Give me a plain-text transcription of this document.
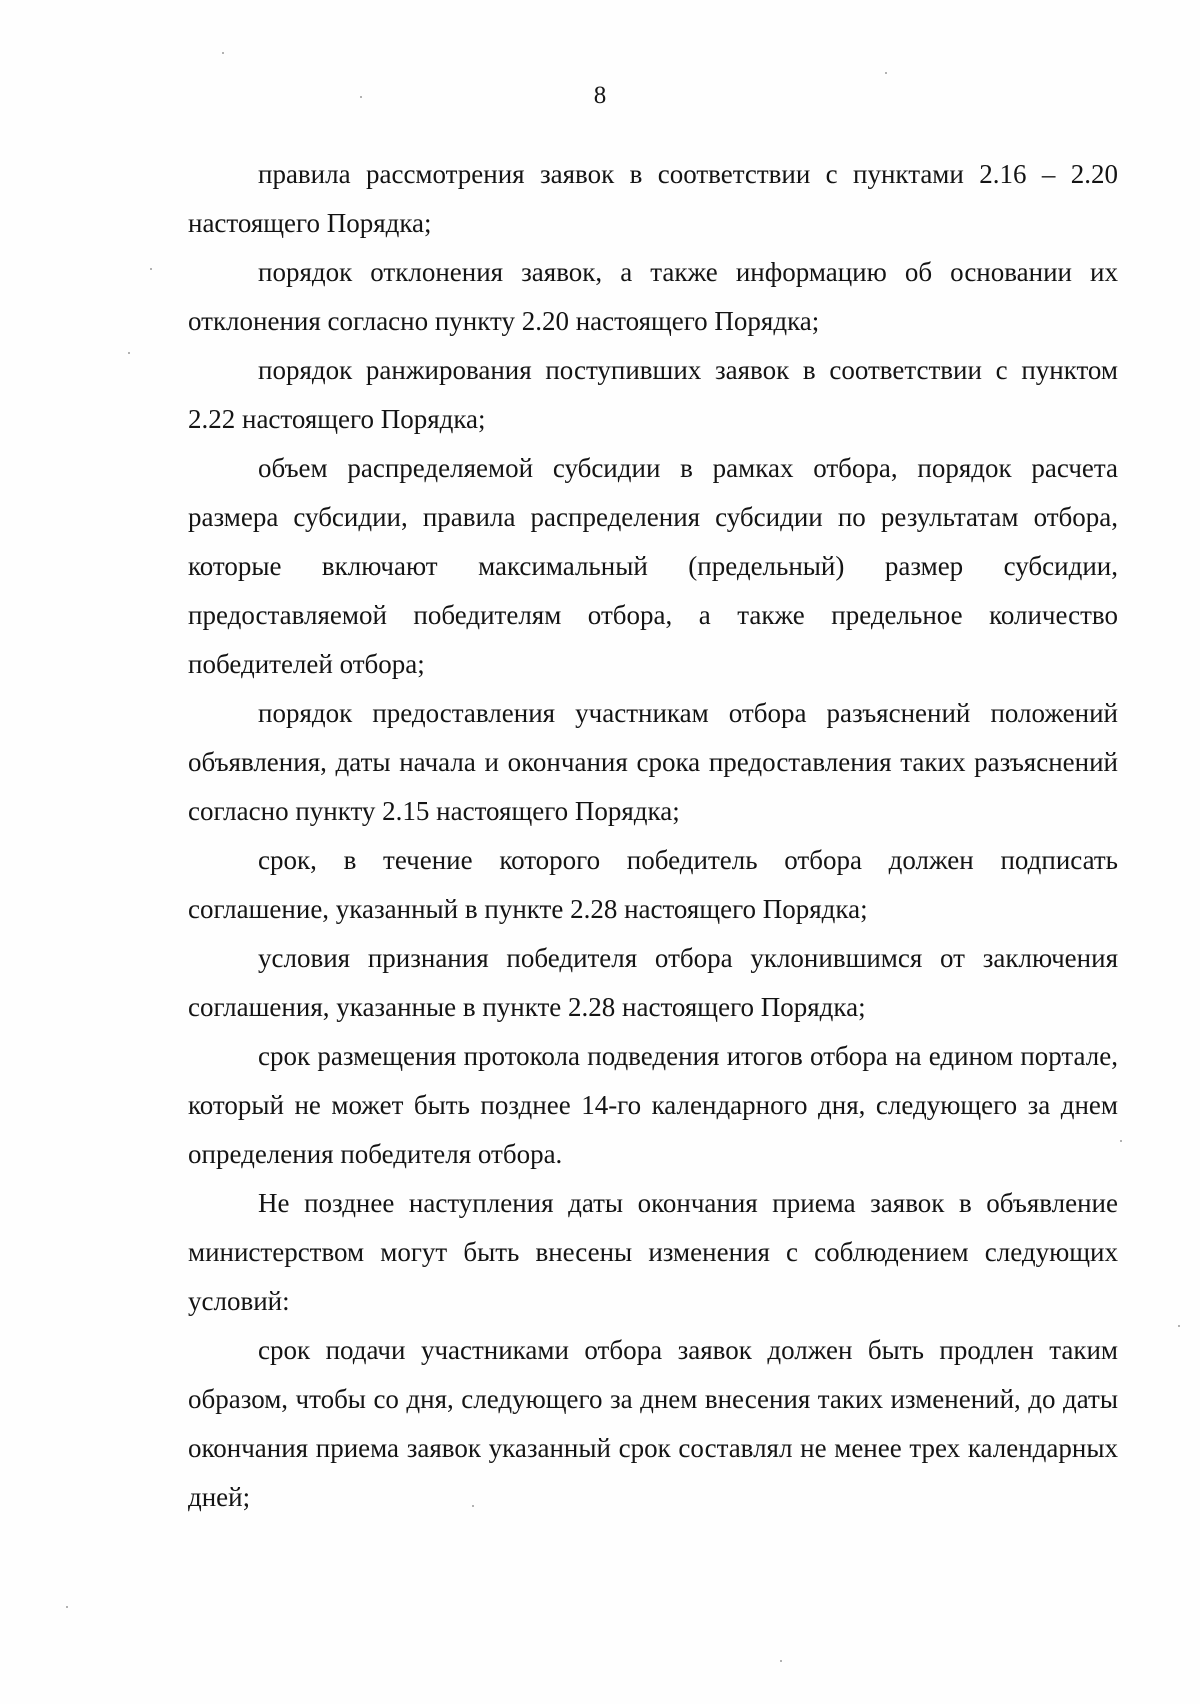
8

правила рассмотрения заявок в соответствии с пунктами 2.16 – 2.20 настоящего Порядка;

порядок отклонения заявок, а также информацию об основании их отклонения согласно пункту 2.20 настоящего Порядка;

порядок ранжирования поступивших заявок в соответствии с пунктом 2.22 настоящего Порядка;

объем распределяемой субсидии в рамках отбора, порядок расчета размера субсидии, правила распределения субсидии по результатам отбора, которые включают максимальный (предельный) размер субсидии, предоставляемой победителям отбора, а также предельное количество победителей отбора;

порядок предоставления участникам отбора разъяснений положений объявления, даты начала и окончания срока предоставления таких разъяснений согласно пункту 2.15 настоящего Порядка;

срок, в течение которого победитель отбора должен подписать соглашение, указанный в пункте 2.28 настоящего Порядка;

условия признания победителя отбора уклонившимся от заключения соглашения, указанные в пункте 2.28 настоящего Порядка;

срок размещения протокола подведения итогов отбора на едином портале, который не может быть позднее 14-го календарного дня, следующего за днем определения победителя отбора.

Не позднее наступления даты окончания приема заявок в объявление министерством могут быть внесены изменения с соблюдением следующих условий:

срок подачи участниками отбора заявок должен быть продлен таким образом, чтобы со дня, следующего за днем внесения таких изменений, до даты окончания приема заявок указанный срок составлял не менее трех календарных дней;
